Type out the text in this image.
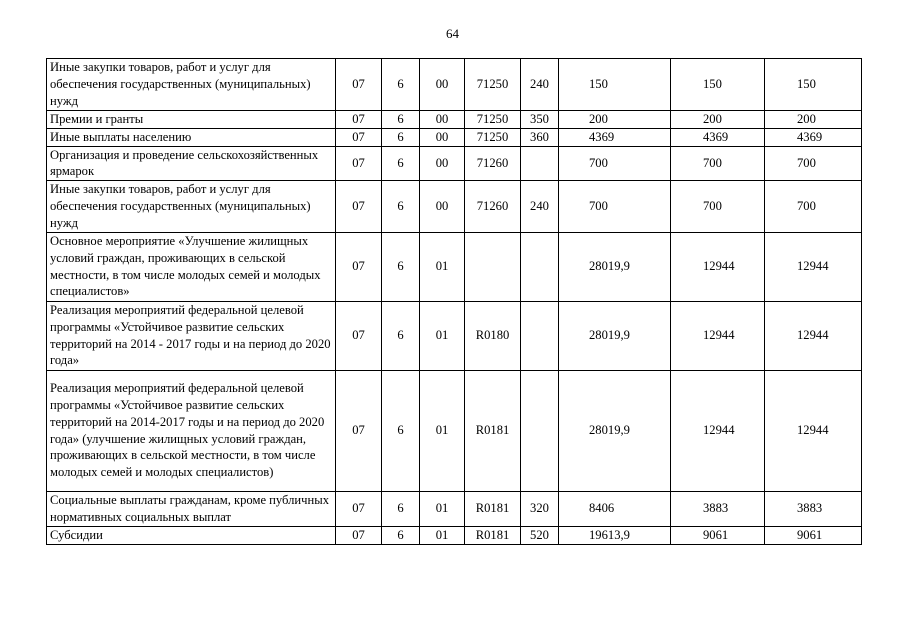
64
Иные закупки товаров, работ и услуг для обеспечения государственных (муниципальных) нужд	07	6	00	71250	240	150	150	150
Премии и гранты	07	6	00	71250	350	200	200	200
Иные выплаты населению	07	6	00	71250	360	4369	4369	4369
Организация и проведение сельскохозяйственных ярмарок	07	6	00	71260		700	700	700
Иные закупки товаров, работ и услуг для обеспечения государственных (муниципальных) нужд	07	6	00	71260	240	700	700	700
Основное мероприятие «Улучшение жилищных условий граждан, проживающих в сельской местности, в том числе молодых семей и молодых специалистов»	07	6	01			28019,9	12944	12944
Реализация мероприятий федеральной целевой программы «Устойчивое развитие сельских территорий на 2014 - 2017 годы и на период до 2020 года»	07	6	01	R0180		28019,9	12944	12944
Реализация мероприятий федеральной целевой программы «Устойчивое развитие сельских территорий на 2014-2017 годы и на период до 2020 года» (улучшение жилищных условий граждан, проживающих в сельской местности, в том числе молодых семей и молодых специалистов)	07	6	01	R0181		28019,9	12944	12944
Социальные выплаты гражданам, кроме публичных нормативных социальных выплат	07	6	01	R0181	320	8406	3883	3883
Субсидии	07	6	01	R0181	520	19613,9	9061	9061
